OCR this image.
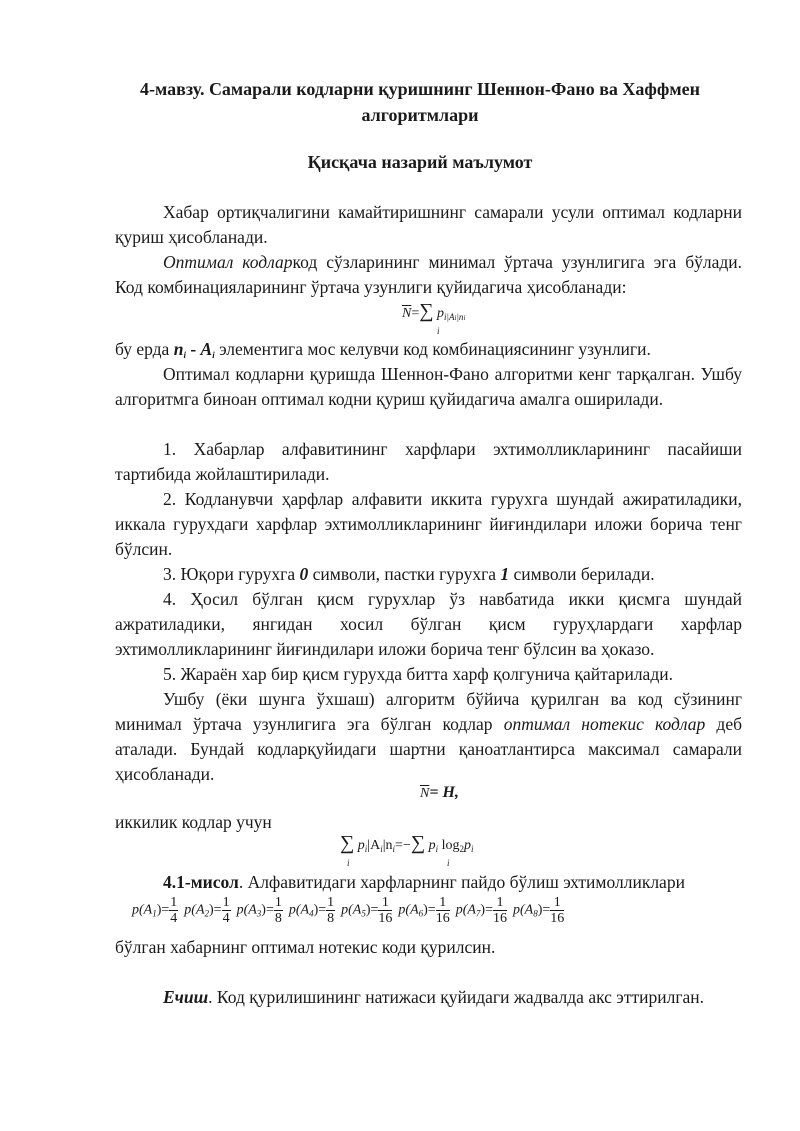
4-мавзу. Самарали кодларни қуришнинг Шеннон-Фано ва Хаффмен алгоритмлари
Қисқача назарий маълумот

Хабар ортиқчалигини камайтиришнинг самарали усули оптимал кодларни қуриш ҳисобланади.

Оптимал кодларкод сўзларининг минимал ўртача узунлигига эга бўлади. Код комбинацияларининг ўртача узунлиги қуйидагича ҳисобланади:

$\overline{N}=\sum$ $p_{i|Ai|ni}$
i

бу ерда $n_i - A_i$ элементига мос келувчи код комбинациясининг узунлиги.

Оптимал кодларни қуришда Шеннон-Фано алгоритми кенг тарқалган. Ушбу алгоритмга биноан оптимал кодни қуриш қуйидагича амалга оширилади.

1. Хабарлар алфавитининг харфлари эхтимолликларининг пасайиши тартибида жойлаштирилади.

2. Кодланувчи ҳарфлар алфавити иккита гурухга шундай ажиратиладики, иккала гурухдаги харфлар эхтимолликларининг йиғиндилари иложи борича тенг бўлсин.

3. Юқори гурухга 0 символи, пастки гурухга 1 символи берилади.

4. Ҳосил бўлган қисм гурухлар ўз навбатида икки қисмга шундай ажратиладики, янгидан хосил бўлган қисм гуруҳлардаги харфлар эхтимолликларининг йиғиндилари иложи борича тенг бўлсин ва ҳоказо.

5. Жараён хар бир қисм гурухда битта харф қолгунича қайтарилади.

Ушбу (ёки шунга ўхшаш) алгоритм бўйича қурилган ва код сўзининг минимал ўртача узунлигига эга бўлган кодлар оптимал нотекис кодлар деб аталади. Бундай кодларқуйидаги шартни қаноатлантирса максимал самарали ҳисобланади.

$\overline{N}= H$,

иккилик кодлар учун

∑ $p_i|A_i|n_i=-\sum$ $p_i$ $\log_2p_i$
i	i

4.1-мисол. Алфавитидаги харфларнинг пайдо бўлиш эхтимолликлари

$p(A_1)= \frac{1}{4} p(A_2)= \frac{1}{4} p(A_3)= \frac{1}{8} p(A_4)= \frac{1}{8} p(A_5)= \frac{1}{16} p(A_6)= \frac{1}{16} p(A_7)= \frac{1}{16} p(A_8)= \frac{1}{16}$

бўлган хабарнинг оптимал нотекис коди қурилсин.

Ечиш. Код қурилишининг натижаси қуйидаги жадвалда акс эттирилган.
